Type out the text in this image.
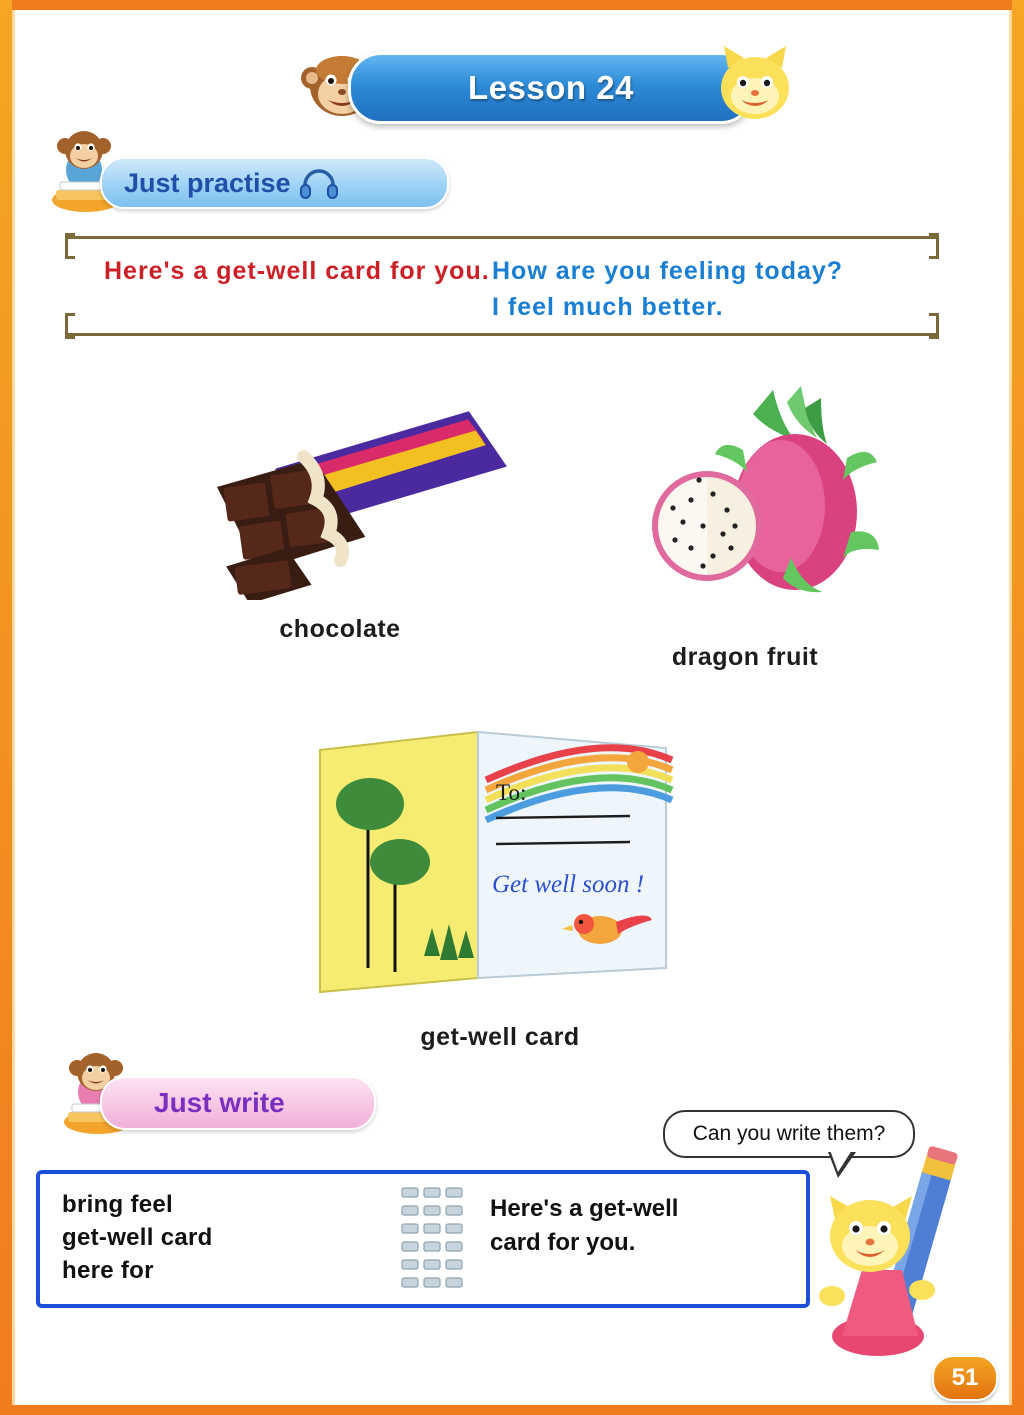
Lesson 24
Just practise
Here's a get-well card for you. How are you feeling today?
I feel much better.
chocolate
dragon fruit
To:
Get well soon !
get-well card
Just write
Can you write them?
bring feel
get-well card
here for
Here's a get-well
card for you.
51
